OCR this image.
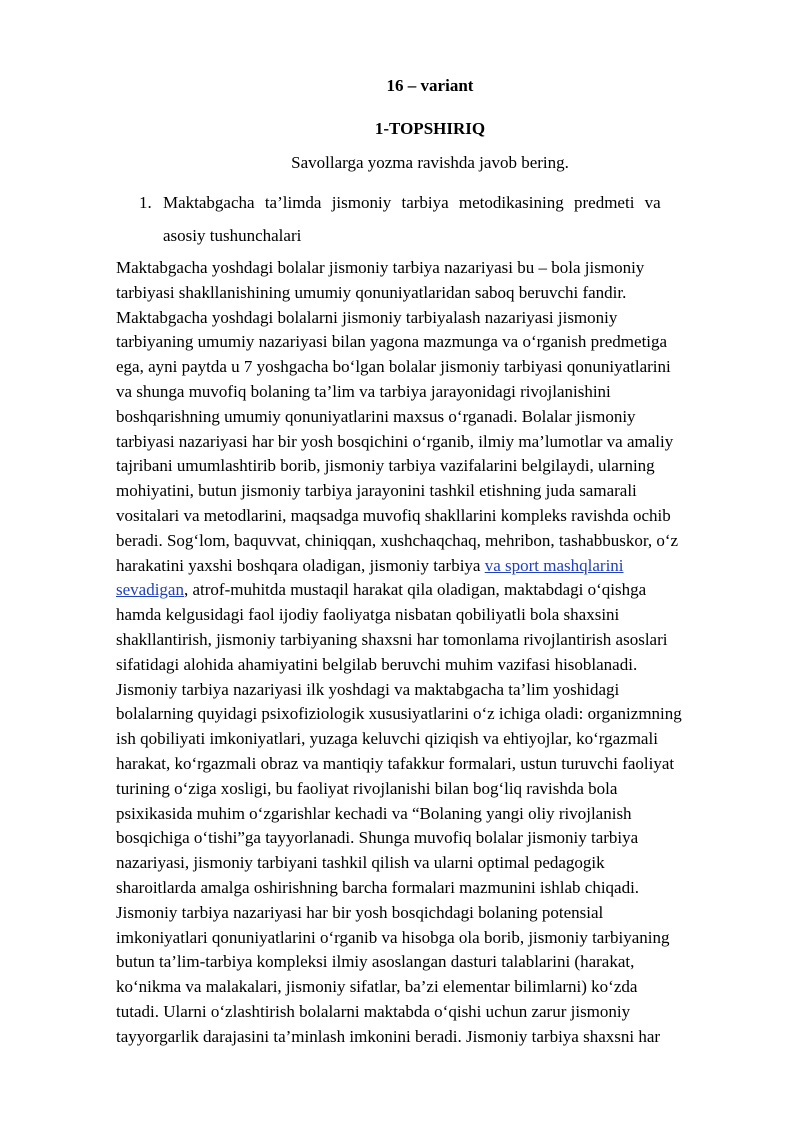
16 – variant
1-TOPSHIRIQ
Savollarga yozma ravishda javob bering.
1. Maktabgacha ta’limda jismoniy tarbiya metodikasining predmeti va
asosiy tushunchalari
Maktabgacha yoshdagi bolalar jismoniy tarbiya nazariyasi bu – bola jismoniy
tarbiyasi shakllanishining umumiy qonuniyatlaridan saboq beruvchi fandir.
Maktabgacha yoshdagi bolalarni jismoniy tarbiyalash nazariyasi jismoniy
tarbiyaning umumiy nazariyasi bilan yagona mazmunga va oʻrganish predmetiga
ega, ayni paytda u 7 yoshgacha boʻlgan bolalar jismoniy tarbiyasi qonuniyatlarini
va shunga muvofiq bolaning ta’lim va tarbiya jarayonidagi rivojlanishini
boshqarishning umumiy qonuniyatlarini maxsus oʻrganadi. Bolalar jismoniy
tarbiyasi nazariyasi har bir yosh bosqichini oʻrganib, ilmiy ma’lumotlar va amaliy
tajribani umumlashtirib borib, jismoniy tarbiya vazifalarini belgilaydi, ularning
mohiyatini, butun jismoniy tarbiya jarayonini tashkil etishning juda samarali
vositalari va metodlarini, maqsadga muvofiq shakllarini kompleks ravishda ochib
beradi. Sogʻlom, baquvvat, chiniqqan, xushchaqchaq, mehribon, tashabbuskor, oʻz
harakatini yaxshi boshqara oladigan, jismoniy tarbiya va sport mashqlarini
sevadigan, atrof-muhitda mustaqil harakat qila oladigan, maktabdagi oʻqishga
hamda kelgusidagi faol ijodiy faoliyatga nisbatan qobiliyatli bola shaxsini
shakllantirish, jismoniy tarbiyaning shaxsni har tomonlama rivojlantirish asoslari
sifatidagi alohida ahamiyatini belgilab beruvchi muhim vazifasi hisoblanadi.
Jismoniy tarbiya nazariyasi ilk yoshdagi va maktabgacha ta’lim yoshidagi
bolalarning quyidagi psixofiziologik xususiyatlarini oʻz ichiga oladi: organizmning
ish qobiliyati imkoniyatlari, yuzaga keluvchi qiziqish va ehtiyojlar, koʻrgazmali
harakat, koʻrgazmali obraz va mantiqiy tafakkur formalari, ustun turuvchi faoliyat
turining oʻziga xosligi, bu faoliyat rivojlanishi bilan bogʻliq ravishda bola
psixikasida muhim oʻzgarishlar kechadi va “Bolaning yangi oliy rivojlanish
bosqichiga oʻtishi”ga tayyorlanadi. Shunga muvofiq bolalar jismoniy tarbiya
nazariyasi, jismoniy tarbiyani tashkil qilish va ularni optimal pedagogik
sharoitlarda amalga oshirishning barcha formalari mazmunini ishlab chiqadi.
Jismoniy tarbiya nazariyasi har bir yosh bosqichdagi bolaning potensial
imkoniyatlari qonuniyatlarini oʻrganib va hisobga ola borib, jismoniy tarbiyaning
butun ta’lim-tarbiya kompleksi ilmiy asoslangan dasturi talablarini (harakat,
koʻnikma va malakalari, jismoniy sifatlar, ba’zi elementar bilimlarni) koʻzda
tutadi. Ularni oʻzlashtirish bolalarni maktabda oʻqishi uchun zarur jismoniy
tayyorgarlik darajasini ta’minlash imkonini beradi. Jismoniy tarbiya shaxsni har
